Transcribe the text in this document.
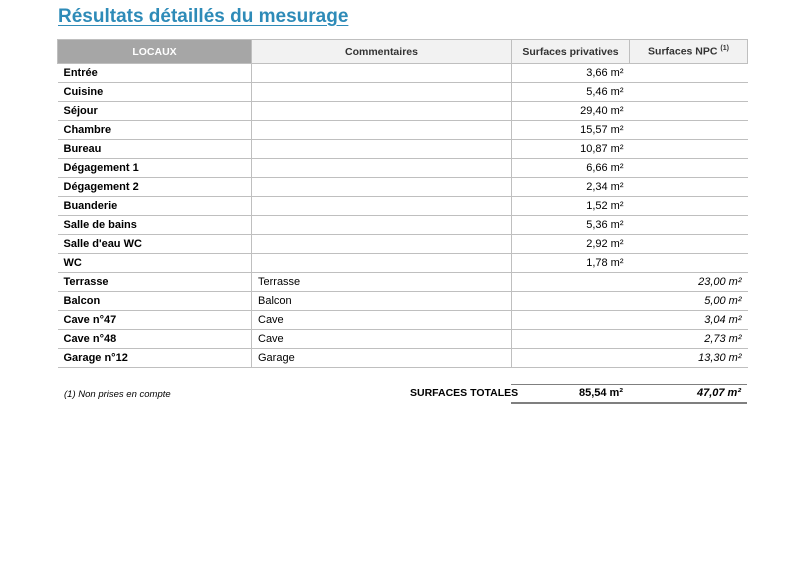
Résultats détaillés du mesurage
LOCAUX	Commentaires	Surfaces privatives	Surfaces NPC $^{(1)}$
Entrée		3,66 m²	
Cuisine		5,46 m²	
Séjour		29,40 m²	
Chambre		15,57 m²	
Bureau		10,87 m²	
Dégagement 1		6,66 m²	
Dégagement 2		2,34 m²	
Buanderie		1,52 m²	
Salle de bains		5,36 m²	
Salle d'eau WC		2,92 m²	
WC		1,78 m²	
Terrasse	Terrasse		23,00 m²
Balcon	Balcon		5,00 m²
Cave n°47	Cave		3,04 m²
Cave n°48	Cave		2,73 m²
Garage n°12	Garage		13,30 m²
(1) Non prises en compte	SURFACES TOTALES	85,54 m²	47,07 m²
